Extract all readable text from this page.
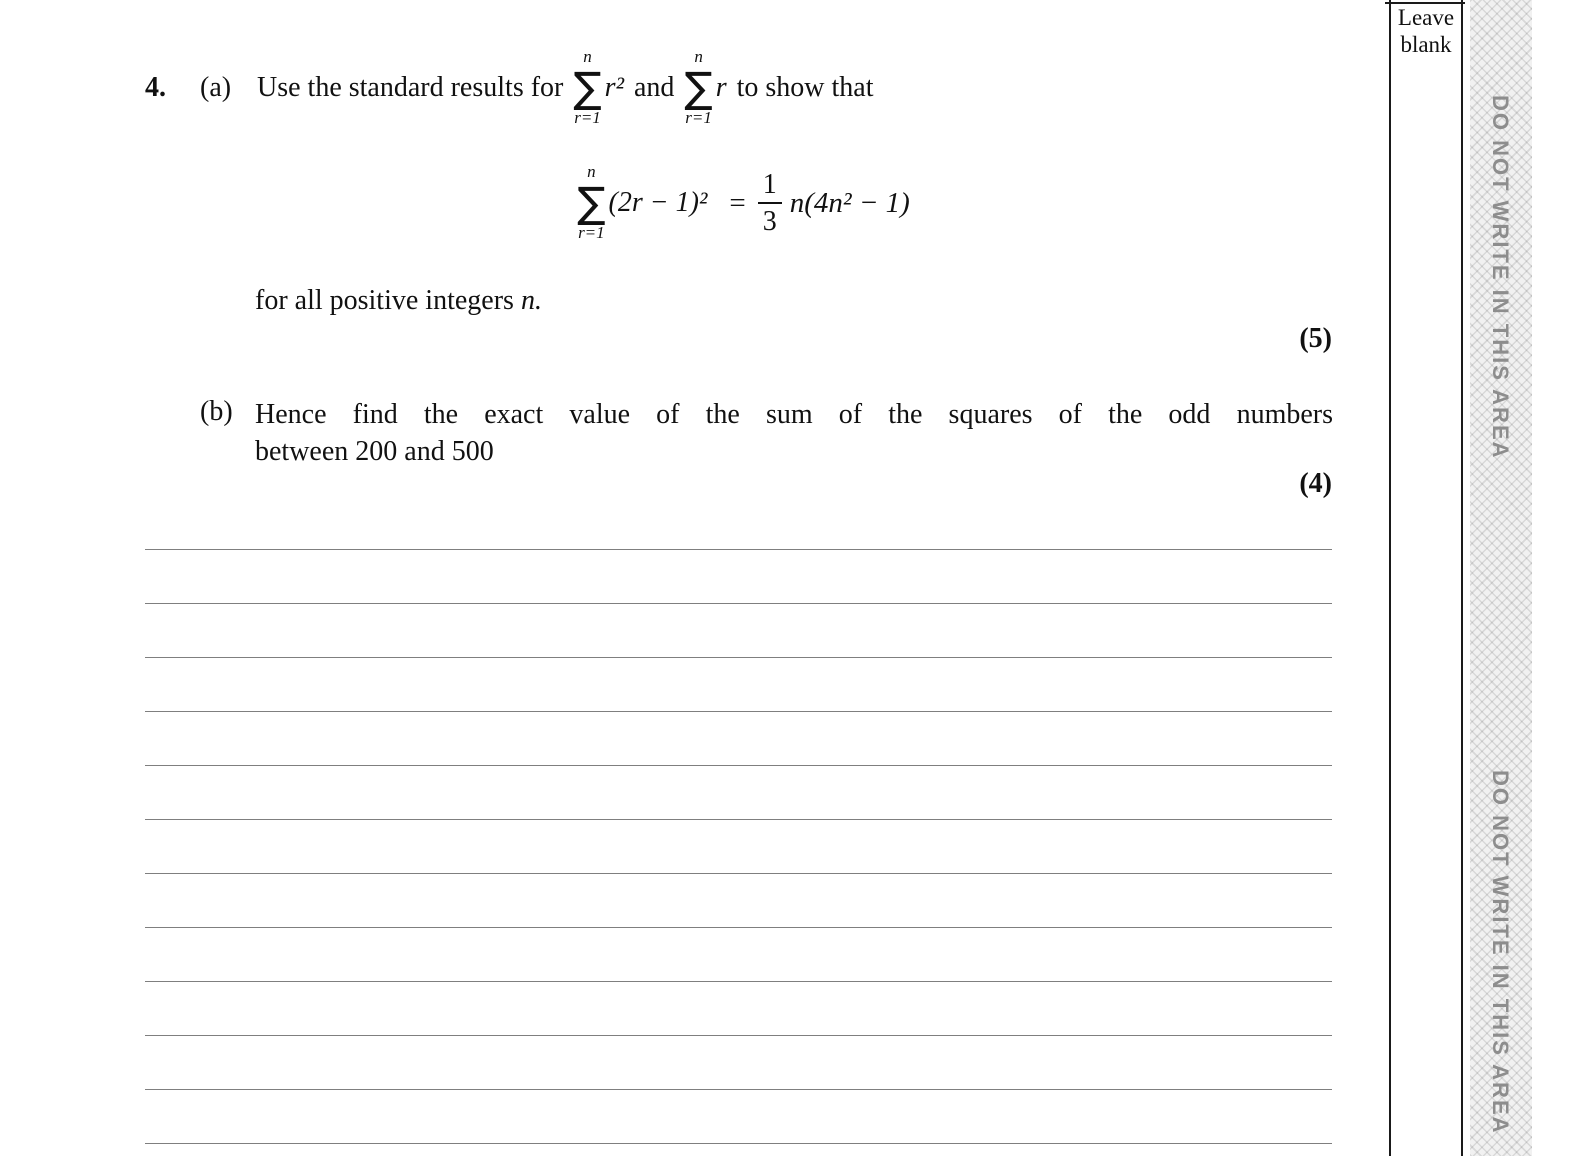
4.	(a) Use the standard results for
n
∑
r=1
r² and
n
∑
r=1
r to show that
n
∑
r=1
$(2r - 1)^2 = \frac{1}{3} n(4n^2 - 1)$
for all positive integers n.
(5)
(b) Hence find the exact value of the sum of the squares of the odd numbers
between 200 and 500
(4)
Leave
blank
DO NOT WRITE IN THIS AREA
DO NOT WRITE IN THIS AREA
